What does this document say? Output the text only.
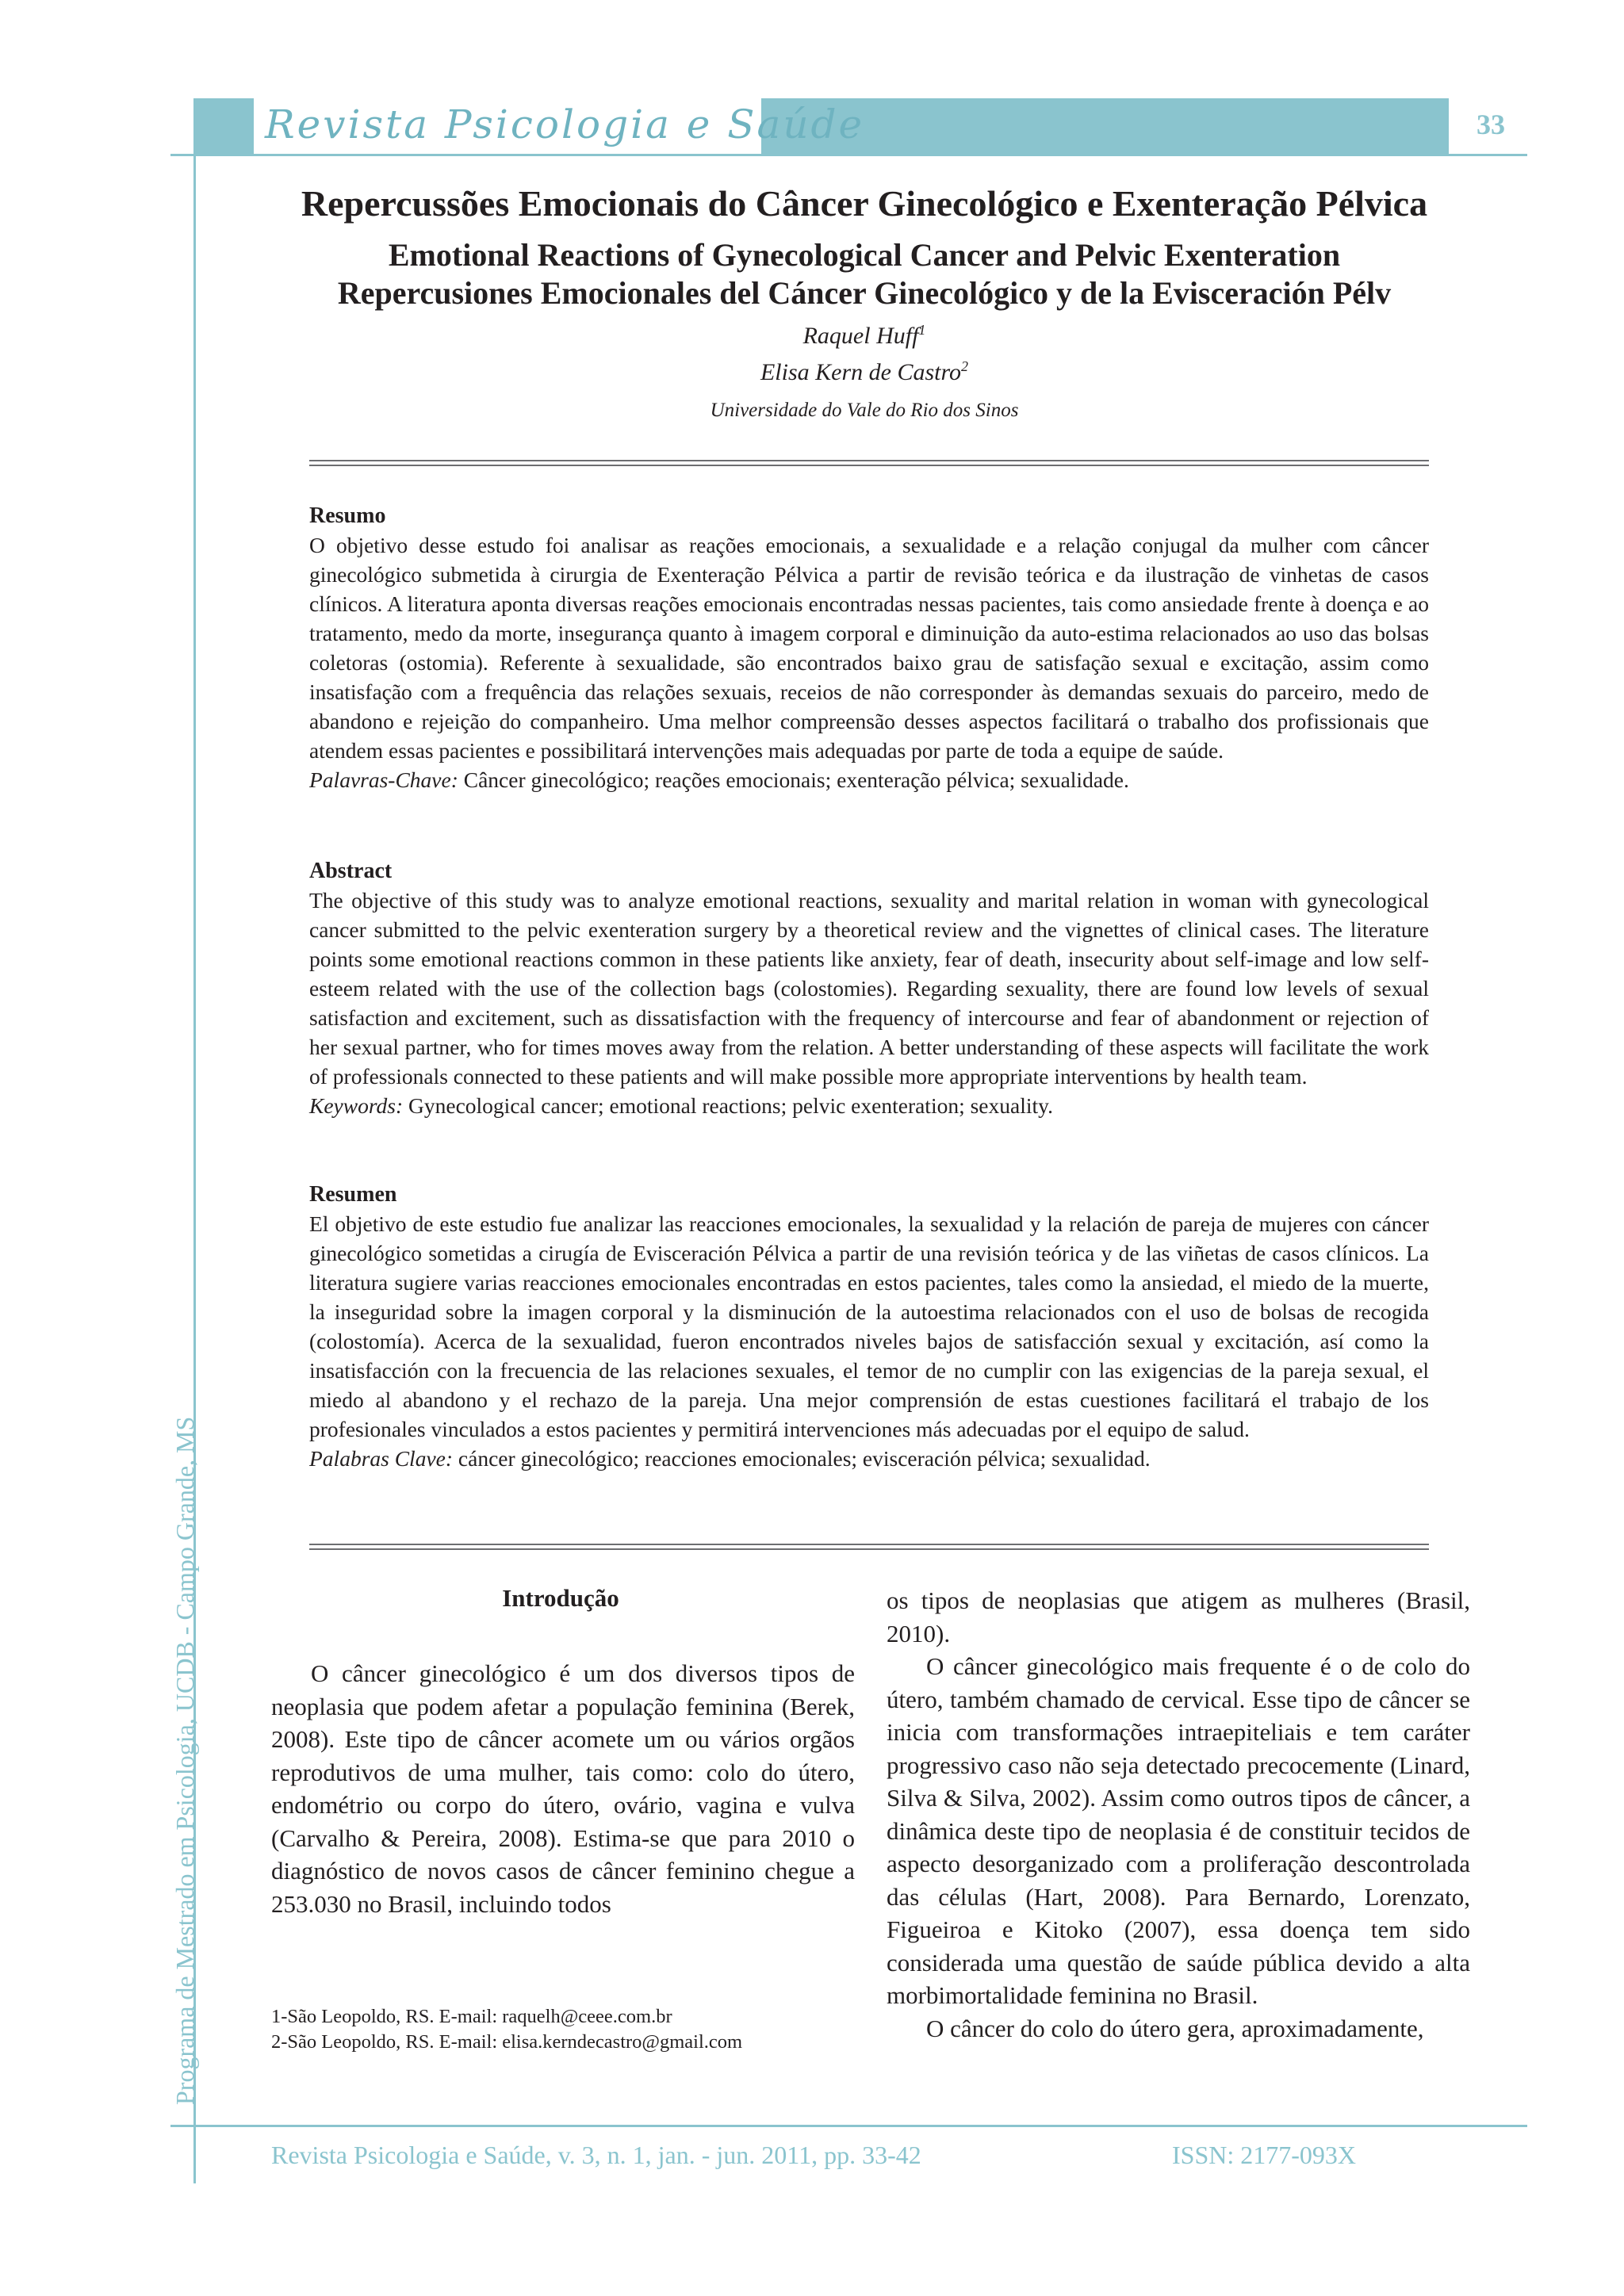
Revista Psicologia e Saúde	33
Programa de Mestrado em Psicologia, UCDB - Campo Grande, MS
Repercussões Emocionais do Câncer Ginecológico e Exenteração Pélvica
Emotional Reactions of Gynecological Cancer and Pelvic Exenteration
Repercusiones Emocionales del Cáncer Ginecológico y de la Evisceración Pélv
Raquel Huff$^1$
Elisa Kern de Castro$^2$
Universidade do Vale do Rio dos Sinos
Resumo

O objetivo desse estudo foi analisar as reações emocionais, a sexualidade e a relação conjugal da mulher com câncer ginecológico submetida à cirurgia de Exenteração Pélvica a partir de revisão teórica e da ilustração de vinhetas de casos clínicos. A literatura aponta diversas reações emocionais encontradas nessas pacientes, tais como ansiedade frente à doença e ao tratamento, medo da morte, insegurança quanto à imagem corporal e diminuição da auto-estima relacionados ao uso das bolsas coletoras (ostomia). Referente à sexualidade, são encontrados baixo grau de satisfação sexual e excitação, assim como insatisfação com a frequência das relações sexuais, receios de não corresponder às demandas sexuais do parceiro, medo de abandono e rejeição do companheiro. Uma melhor compreensão desses aspectos facilitará o trabalho dos profissionais que atendem essas pacientes e possibilitará intervenções mais adequadas por parte de toda a equipe de saúde.

Palavras-Chave: Câncer ginecológico; reações emocionais; exenteração pélvica; sexualidade.

Abstract

The objective of this study was to analyze emotional reactions, sexuality and marital relation in woman with gynecological cancer submitted to the pelvic exenteration surgery by a theoretical review and the vignettes of clinical cases. The literature points some emotional reactions common in these patients like anxiety, fear of death, insecurity about self-image and low self-esteem related with the use of the collection bags (colostomies). Regarding sexuality, there are found low levels of sexual satisfaction and excitement, such as dissatisfaction with the frequency of intercourse and fear of abandonment or rejection of her sexual partner, who for times moves away from the relation. A better understanding of these aspects will facilitate the work of professionals connected to these patients and will make possible more appropriate interventions by health team.

Keywords: Gynecological cancer; emotional reactions; pelvic exenteration; sexuality.

Resumen

El objetivo de este estudio fue analizar las reacciones emocionales, la sexualidad y la relación de pareja de mujeres con cáncer ginecológico sometidas a cirugía de Evisceración Pélvica a partir de una revisión teórica y de las viñetas de casos clínicos. La literatura sugiere varias reacciones emocionales encontradas en estos pacientes, tales como la ansiedad, el miedo de la muerte, la inseguridad sobre la imagen corporal y la disminución de la autoestima relacionados con el uso de bolsas de recogida (colostomía). Acerca de la sexualidad, fueron encontrados niveles bajos de satisfacción sexual y excitación, así como la insatisfacción con la frecuencia de las relaciones sexuales, el temor de no cumplir con las exigencias de la pareja sexual, el miedo al abandono y el rechazo de la pareja. Una mejor comprensión de estas cuestiones facilitará el trabajo de los profesionales vinculados a estos pacientes y permitirá intervenciones más adecuadas por el equipo de salud.

Palabras Clave: cáncer ginecológico; reacciones emocionales; evisceración pélvica; sexualidad.

Introdução

O câncer ginecológico é um dos diversos tipos de neoplasia que podem afetar a população feminina (Berek, 2008). Este tipo de câncer acomete um ou vários orgãos reprodutivos de uma mulher, tais como: colo do útero, endométrio ou corpo do útero, ovário, vagina e vulva (Carvalho & Pereira, 2008). Estima-se que para 2010 o diagnóstico de novos casos de câncer feminino chegue a 253.030 no Brasil, incluindo todos

1-São Leopoldo, RS. E-mail: raquelh@ceee.com.br
2-São Leopoldo, RS. E-mail: elisa.kerndecastro@gmail.com

os tipos de neoplasias que atigem as mulheres (Brasil, 2010).

O câncer ginecológico mais frequente é o de colo do útero, também chamado de cervical. Esse tipo de câncer se inicia com transformações intraepiteliais e tem caráter progressivo caso não seja detectado precocemente (Linard, Silva & Silva, 2002). Assim como outros tipos de câncer, a dinâmica deste tipo de neoplasia é de constituir tecidos de aspecto desorganizado com a proliferação descontrolada das células (Hart, 2008). Para Bernardo, Lorenzato, Figueiroa e Kitoko (2007), essa doença tem sido considerada uma questão de saúde pública devido a alta morbimortalidade feminina no Brasil.

O câncer do colo do útero gera, aproximadamente,

Revista Psicologia e Saúde, v. 3, n. 1, jan. - jun. 2011, pp. 33-42	ISSN: 2177-093X
